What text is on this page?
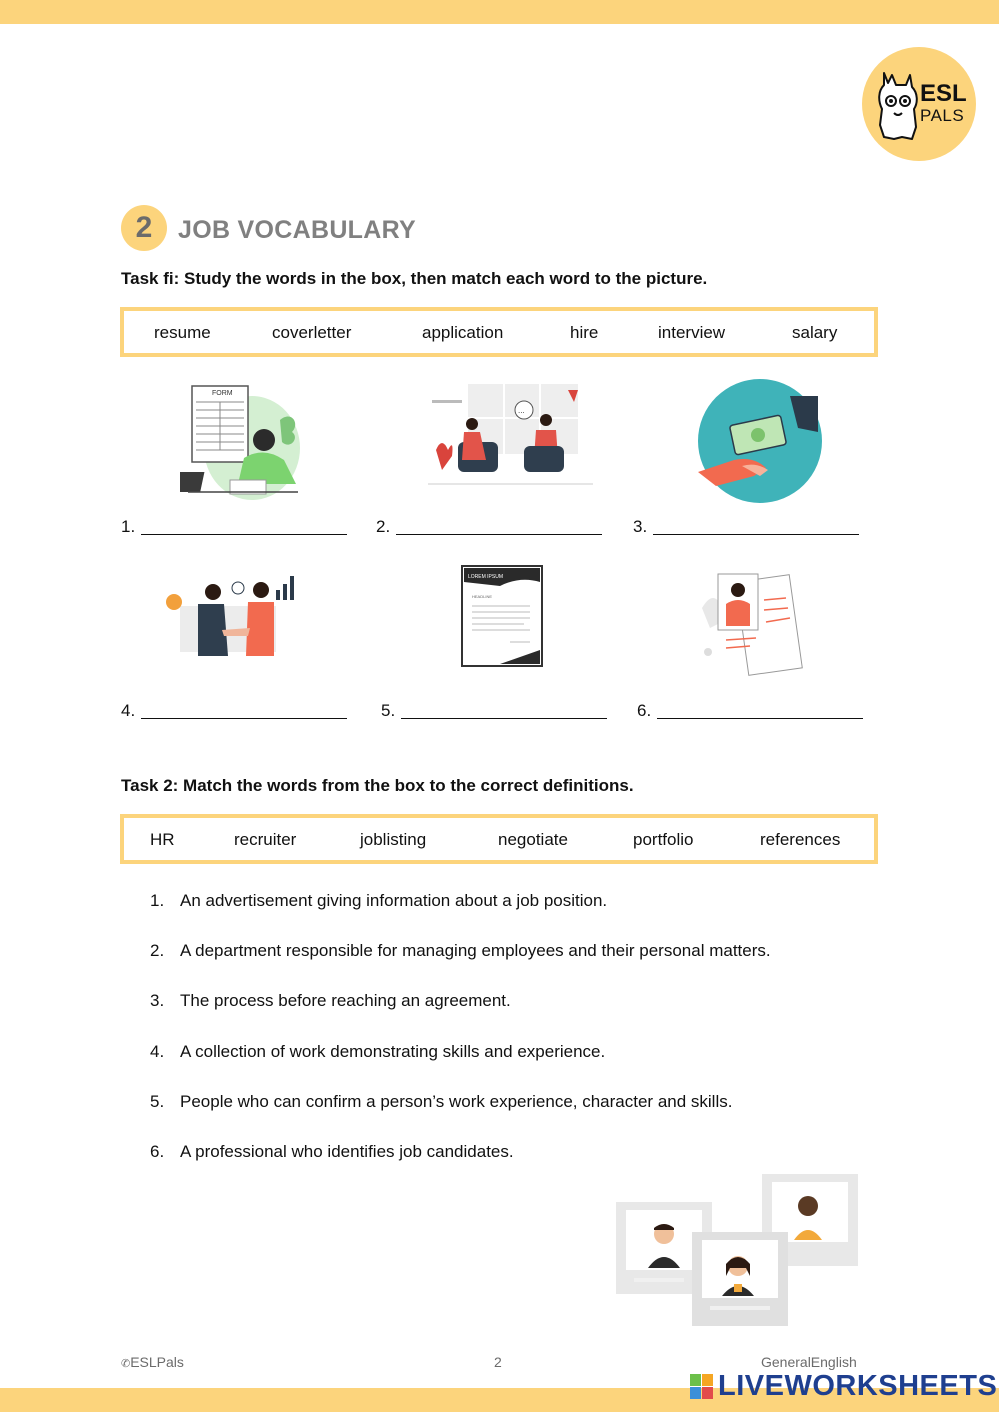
ESL
PALS
2	JOB VOCABULARY
Task fi: Study the words in the box, then match each word to the picture.
resume	coverletter	application	hire	interview	salary
FORM
...
1.	2.	3.
LOREM IPSUM
HEADLINE
4.	5.	6.
Task 2: Match the words from the box to the correct definitions.
HR	recruiter	joblisting	negotiate	portfolio	references
1. An advertisement giving information about a job position.
2. A department responsible for managing employees and their personal matters.
3. The process before reaching an agreement.
4. A collection of work demonstrating skills and experience.
5. People who can confirm a person’s work experience, character and skills.
6. A professional who identifies job candidates.
✆ESLPals	2	GeneralEnglish
LIVEWORKSHEETS
